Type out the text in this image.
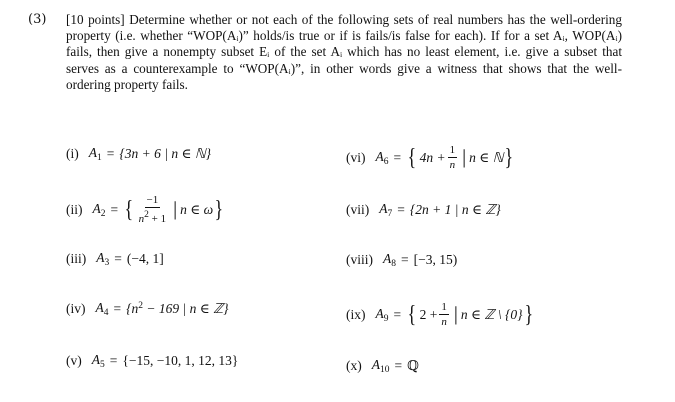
(3) [10 points] Determine whether or not each of the following sets of real numbers has the well-ordering property (i.e. whether “WOP(Aᵢ)” holds/is true or if is fails/is false for each). If for a set Aᵢ, WOP(Aᵢ) fails, then give a nonempty subset Eᵢ of the set Aᵢ which has no least element, i.e. give a subset that serves as a counterexample to “WOP(Aᵢ)”, in other words give a witness that shows that the well-ordering property fails.
(i) $A_1 = \{3n + 6$ | n ∈ ℕ}
(ii) $A_2$ = { $\frac{-1}{n2 + 1}$ | n ∈ ω }
(iii) $A_3 = (-4$, 1]
(iv) $A_4 = \{n^2 - 169$ | n ∈ ℤ}
(v) $A_5 = \{-15$, −10, 1, 12, 13}
(vi) $A_6$ = { $4n + \frac{1}{n}$ | n ∈ ℕ }
(vii) $A_7 = \{2n + 1$ | n ∈ ℤ}
(viii) $A_8 = [-3$, 15)
(ix) $A_9$ = { $2 + \frac{1}{n}$ | n ∈ ℤ \ {0} }
(x) $A_{10}$ = ℚ
